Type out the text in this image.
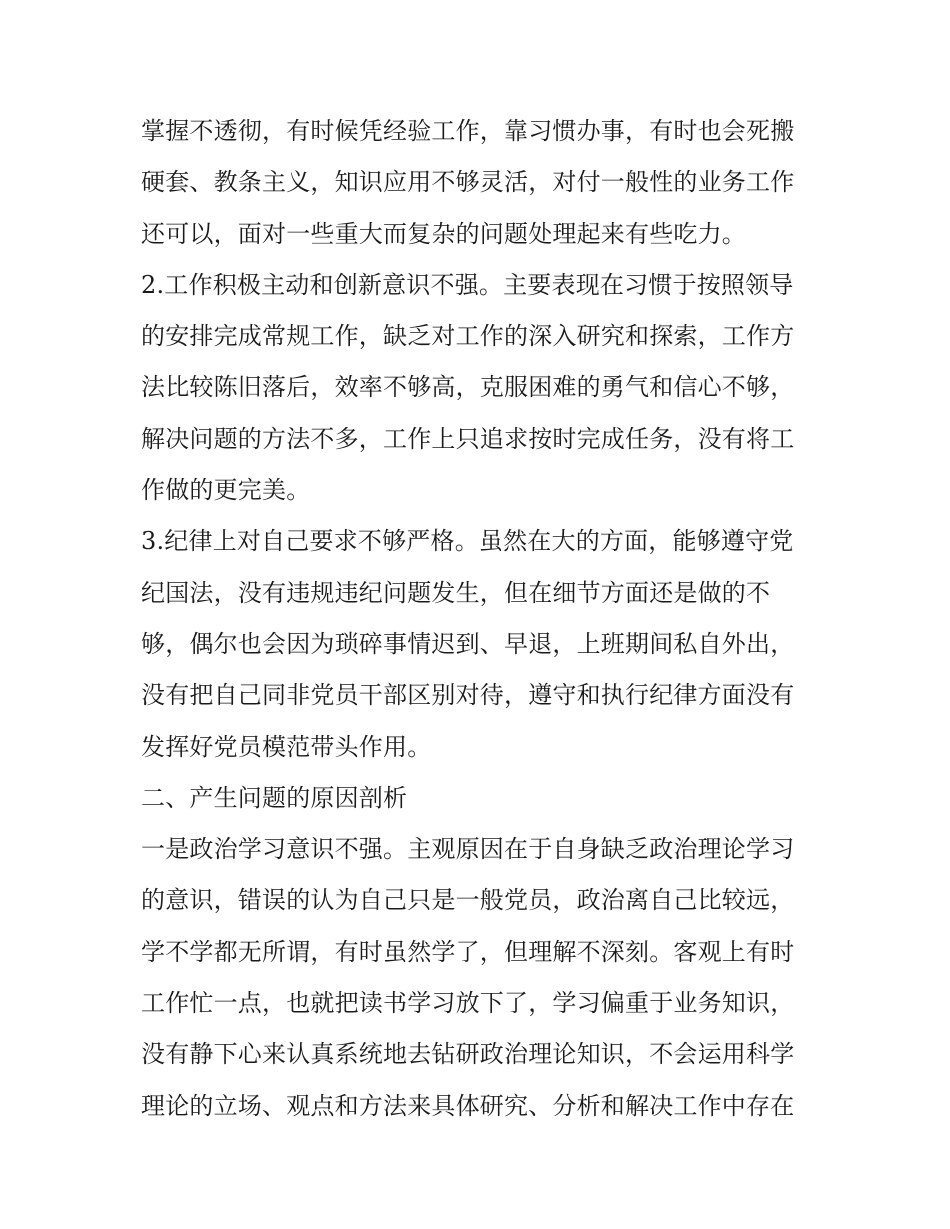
掌握不透彻，有时候凭经验工作，靠习惯办事，有时也会死搬
硬套、教条主义，知识应用不够灵活，对付一般性的业务工作
还可以，面对一些重大而复杂的问题处理起来有些吃力。
2.工作积极主动和创新意识不强。主要表现在习惯于按照领导
的安排完成常规工作，缺乏对工作的深入研究和探索，工作方
法比较陈旧落后，效率不够高，克服困难的勇气和信心不够，
解决问题的方法不多，工作上只追求按时完成任务，没有将工
作做的更完美。
3.纪律上对自己要求不够严格。虽然在大的方面，能够遵守党
纪国法，没有违规违纪问题发生，但在细节方面还是做的不
够，偶尔也会因为琐碎事情迟到、早退，上班期间私自外出，
没有把自己同非党员干部区别对待，遵守和执行纪律方面没有
发挥好党员模范带头作用。
二、产生问题的原因剖析
一是政治学习意识不强。主观原因在于自身缺乏政治理论学习
的意识，错误的认为自己只是一般党员，政治离自己比较远，
学不学都无所谓，有时虽然学了，但理解不深刻。客观上有时
工作忙一点，也就把读书学习放下了，学习偏重于业务知识，
没有静下心来认真系统地去钻研政治理论知识，不会运用科学
理论的立场、观点和方法来具体研究、分析和解决工作中存在
